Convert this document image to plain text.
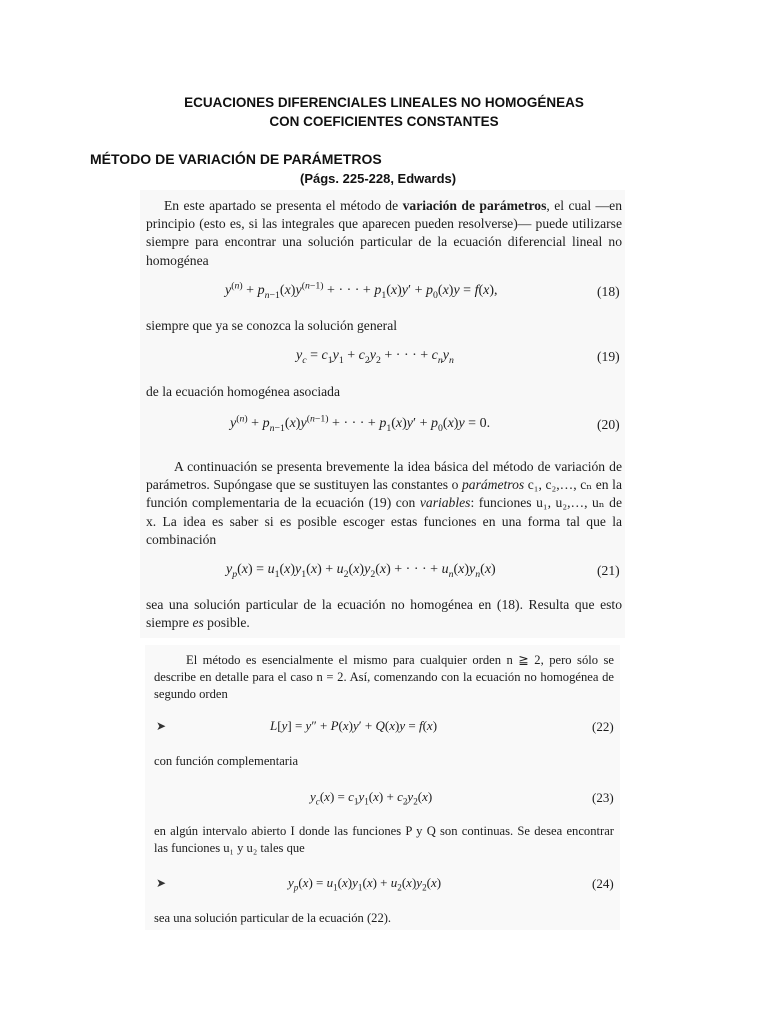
ECUACIONES DIFERENCIALES LINEALES NO HOMOGÉNEAS
CON COEFICIENTES CONSTANTES
MÉTODO DE VARIACIÓN DE PARÁMETROS
(Págs. 225-228, Edwards)
En este apartado se presenta el método de variación de parámetros, el cual —en principio (esto es, si las integrales que aparecen pueden resolverse)— puede utilizarse siempre para encontrar una solución particular de la ecuación diferencial lineal no homogénea
$y^{(n)} + p_{n-1}(x)y^{(n-1)}$ + · · · + $p_1(x)y' + p_0(x)y = f(x)$,	(18)
siempre que ya se conozca la solución general
$y_c = c_1y_1 + c_2y_2$ + · · · + $c_ny_n$	(19)
de la ecuación homogénea asociada
$y^{(n)} + p_{n-1}(x)y^{(n-1)}$ + · · · + $p_1(x)y' + p_0(x)y = 0$.	(20)
A continuación se presenta brevemente la idea básica del método de variación de parámetros. Supóngase que se sustituyen las constantes o parámetros c₁, c₂,…, cₙ en la función complementaria de la ecuación (19) con variables: funciones u₁, u₂,…, uₙ de x. La idea es saber si es posible escoger estas funciones en una forma tal que la combinación
$y_p(x) = u_1(x)y_1(x) + u_2(x)y_2(x)$ + · · · + $u_n(x)y_n(x)$	(21)
sea una solución particular de la ecuación no homogénea en (18). Resulta que esto siempre es posible.
El método es esencialmente el mismo para cualquier orden n ≧ 2, pero sólo se describe en detalle para el caso n = 2. Así, comenzando con la ecuación no homogénea de segundo orden
➤	L[y] = y″ + P(x)y′ + Q(x)y = f(x)	(22)
con función complementaria
$y_c(x) = c_1y_1(x) + c_2y_2(x)$	(23)
en algún intervalo abierto I donde las funciones P y Q son continuas. Se desea encontrar las funciones u₁ y u₂ tales que
➤	$y_p(x) = u_1(x)y_1(x) + u_2(x)y_2(x)$	(24)
sea una solución particular de la ecuación (22).
